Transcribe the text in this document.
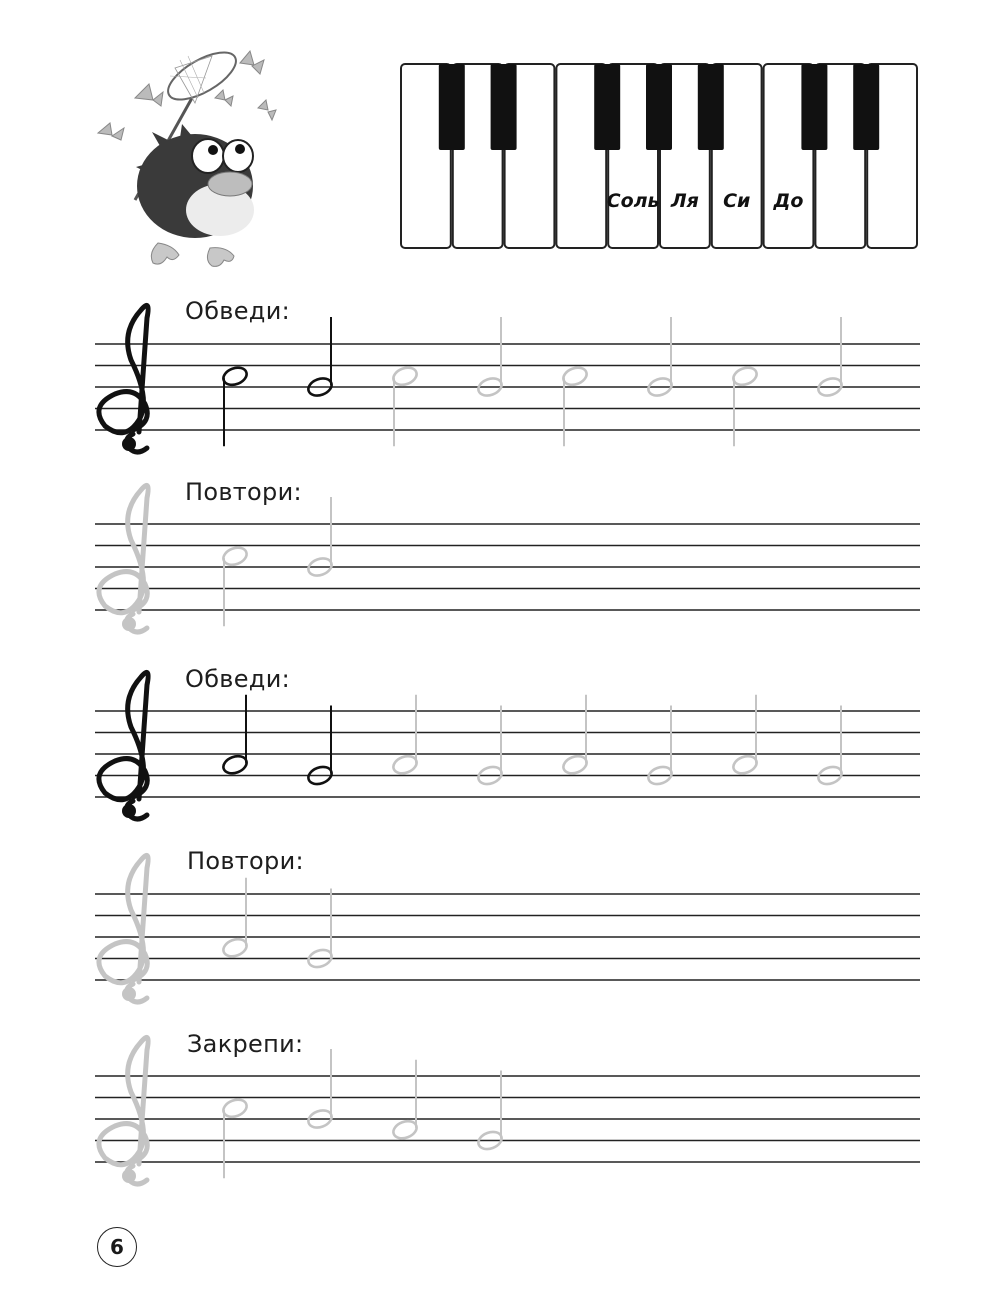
Соль Ля Си До
Обведи:
Повтори:
Обведи:
Повтори:
Закрепи:
6
